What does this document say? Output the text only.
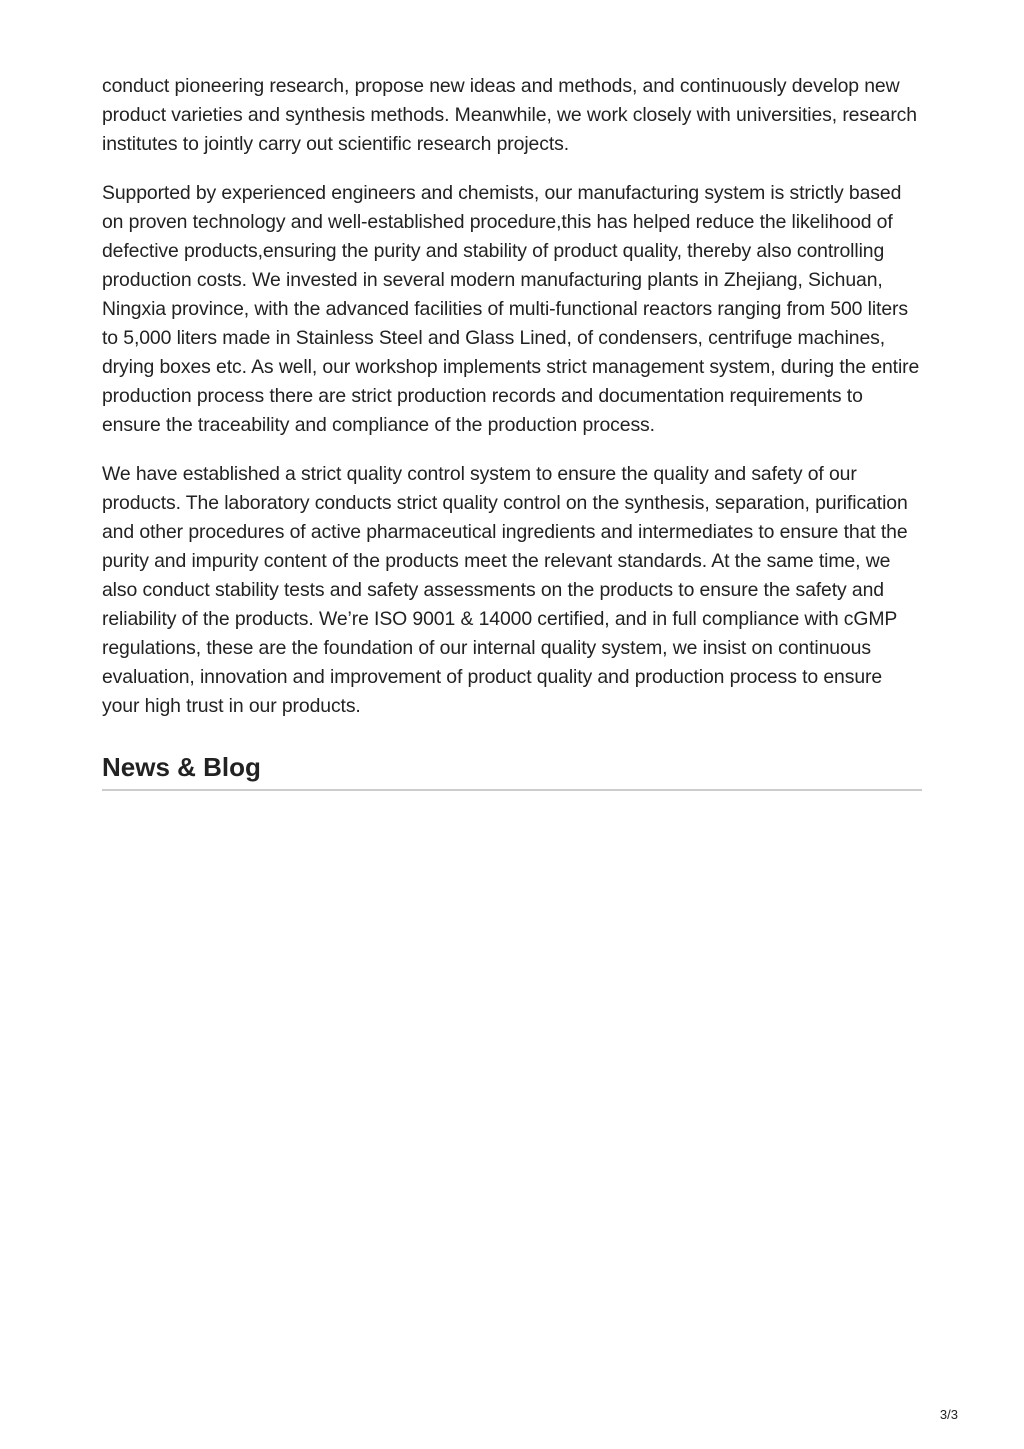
conduct pioneering research, propose new ideas and methods, and continuously develop new product varieties and synthesis methods. Meanwhile, we work closely with universities, research institutes to jointly carry out scientific research projects.

Supported by experienced engineers and chemists, our manufacturing system is strictly based on proven technology and well-established procedure,this has helped reduce the likelihood of defective products,ensuring the purity and stability of product quality, thereby also controlling production costs. We invested in several modern manufacturing plants in Zhejiang, Sichuan, Ningxia province, with the advanced facilities of multi-functional reactors ranging from 500 liters to 5,000 liters made in Stainless Steel and Glass Lined, of condensers, centrifuge machines, drying boxes etc. As well, our workshop implements strict management system, during the entire production process there are strict production records and documentation requirements to ensure the traceability and compliance of the production process.

We have established a strict quality control system to ensure the quality and safety of our products. The laboratory conducts strict quality control on the synthesis, separation, purification and other procedures of active pharmaceutical ingredients and intermediates to ensure that the purity and impurity content of the products meet the relevant standards. At the same time, we also conduct stability tests and safety assessments on the products to ensure the safety and reliability of the products. We’re ISO 9001 & 14000 certified, and in full compliance with cGMP regulations, these are the foundation of our internal quality system, we insist on continuous evaluation, innovation and improvement of product quality and production process to ensure your high trust in our products.

News & Blog
3/3
